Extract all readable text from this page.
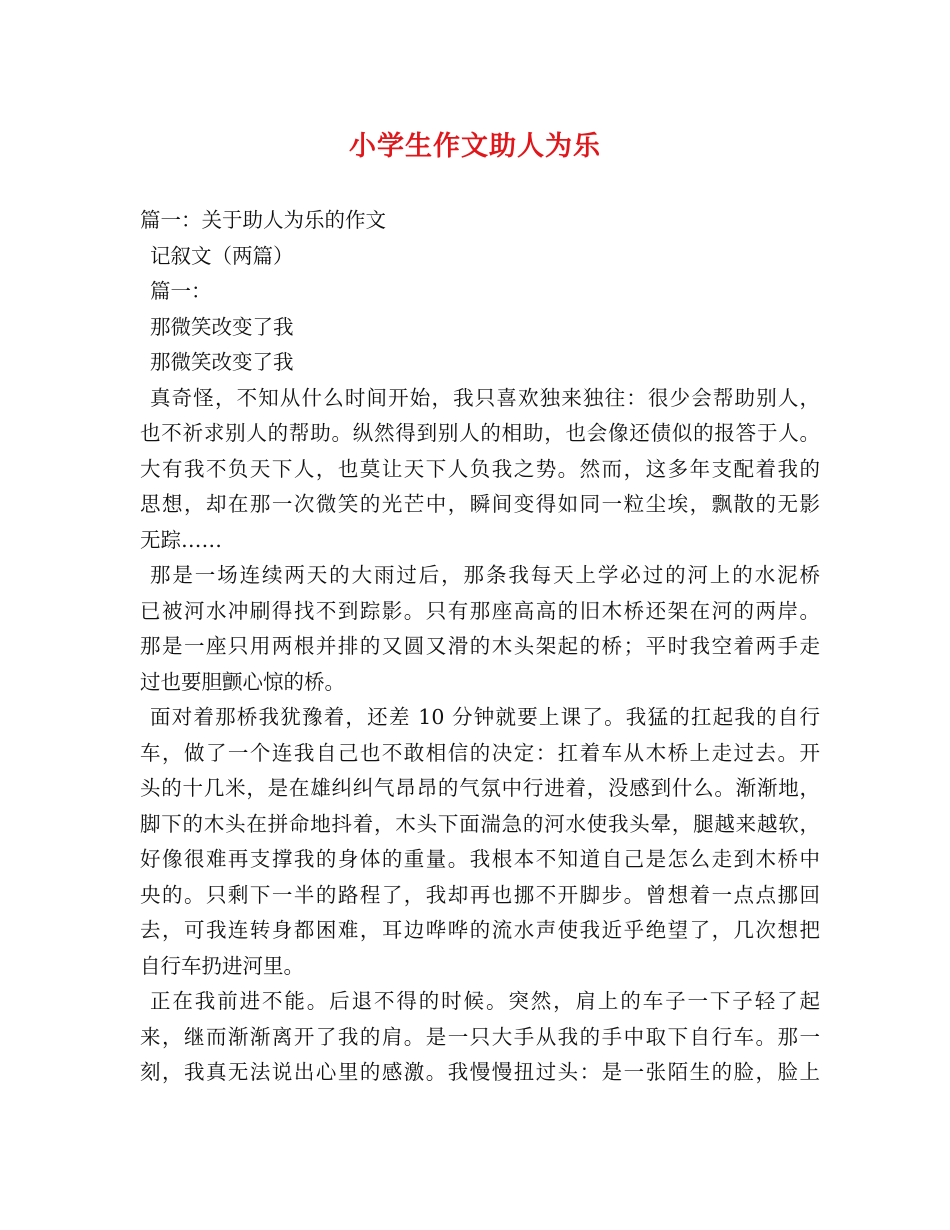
小学生作文助人为乐
篇一：关于助人为乐的作文
记叙文（两篇）
篇一：
那微笑改变了我
那微笑改变了我
真奇怪，不知从什么时间开始，我只喜欢独来独往：很少会帮助别人，
也不祈求别人的帮助。纵然得到别人的相助，也会像还债似的报答于人。
大有我不负天下人，也莫让天下人负我之势。然而，这多年支配着我的
思想，却在那一次微笑的光芒中，瞬间变得如同一粒尘埃，飘散的无影
无踪……
那是一场连续两天的大雨过后，那条我每天上学必过的河上的水泥桥
已被河水冲刷得找不到踪影。只有那座高高的旧木桥还架在河的两岸。
那是一座只用两根并排的又圆又滑的木头架起的桥；平时我空着两手走
过也要胆颤心惊的桥。
面对着那桥我犹豫着，还差 10 分钟就要上课了。我猛的扛起我的自行
车，做了一个连我自己也不敢相信的决定：扛着车从木桥上走过去。开
头的十几米，是在雄纠纠气昂昂的气氛中行进着，没感到什么。渐渐地，
脚下的木头在拼命地抖着，木头下面湍急的河水使我头晕，腿越来越软，
好像很难再支撑我的身体的重量。我根本不知道自己是怎么走到木桥中
央的。只剩下一半的路程了，我却再也挪不开脚步。曾想着一点点挪回
去，可我连转身都困难，耳边哗哗的流水声使我近乎绝望了，几次想把
自行车扔进河里。
正在我前进不能。后退不得的时候。突然，肩上的车子一下子轻了起
来，继而渐渐离开了我的肩。是一只大手从我的手中取下自行车。那一
刻，我真无法说出心里的感激。我慢慢扭过头：是一张陌生的脸，脸上
